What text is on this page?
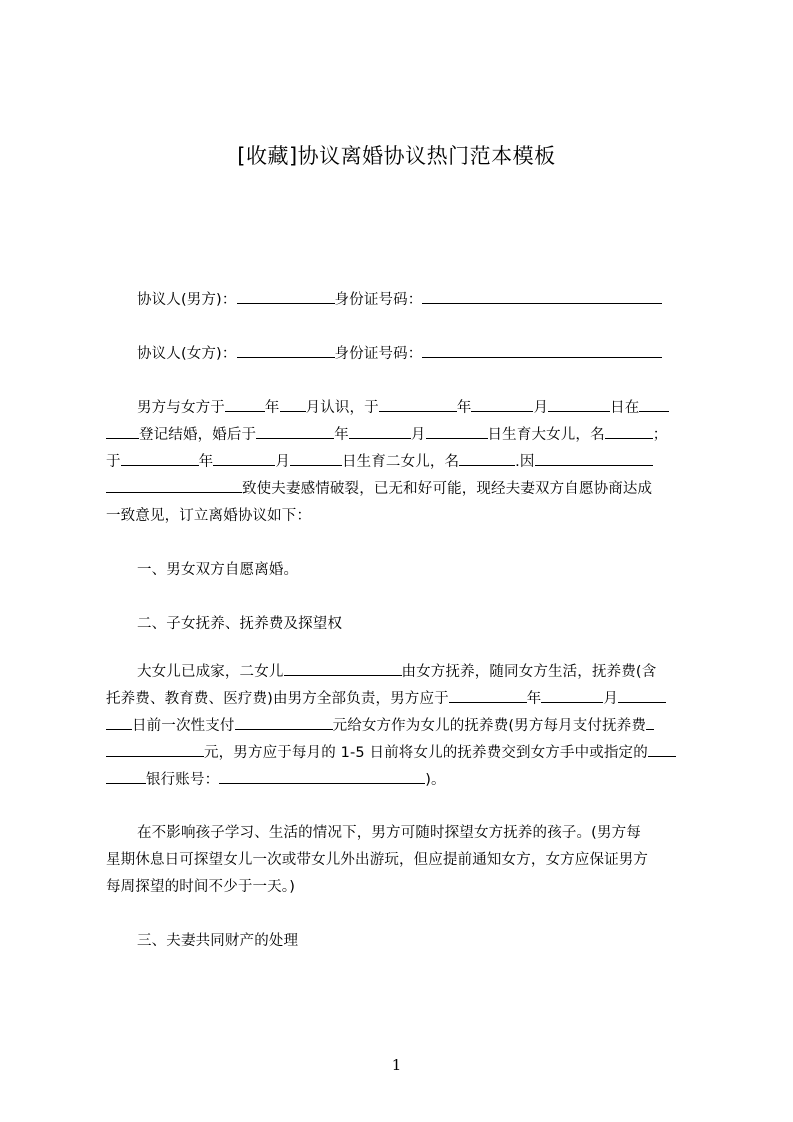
[收藏]协议离婚协议热门范本模板
协议人(男方)：	身份证号码：
协议人(女方)：	身份证号码：
男方与女方于	年 月认识，于	年	月	日在
登记结婚，婚后于	年	月	日生育大女儿，名	；
于	年	月	日生育二女儿，名	.因
致使夫妻感情破裂，已无和好可能，现经夫妻双方自愿协商达成
一致意见，订立离婚协议如下：
一、男女双方自愿离婚。
二、子女抚养、抚养费及探望权
大女儿已成家，二女儿	由女方抚养，随同女方生活，抚养费(含
托养费、教育费、医疗费)由男方全部负责，男方应于	年	月
日前一次性支付	元给女方作为女儿的抚养费(男方每月支付抚养费
元，男方应于每月的 1-5 日前将女儿的抚养费交到女方手中或指定的
银行账号：	)。
在不影响孩子学习、生活的情况下，男方可随时探望女方抚养的孩子。(男方每
星期休息日可探望女儿一次或带女儿外出游玩，但应提前通知女方，女方应保证男方
每周探望的时间不少于一天。)
三、夫妻共同财产的处理
1
